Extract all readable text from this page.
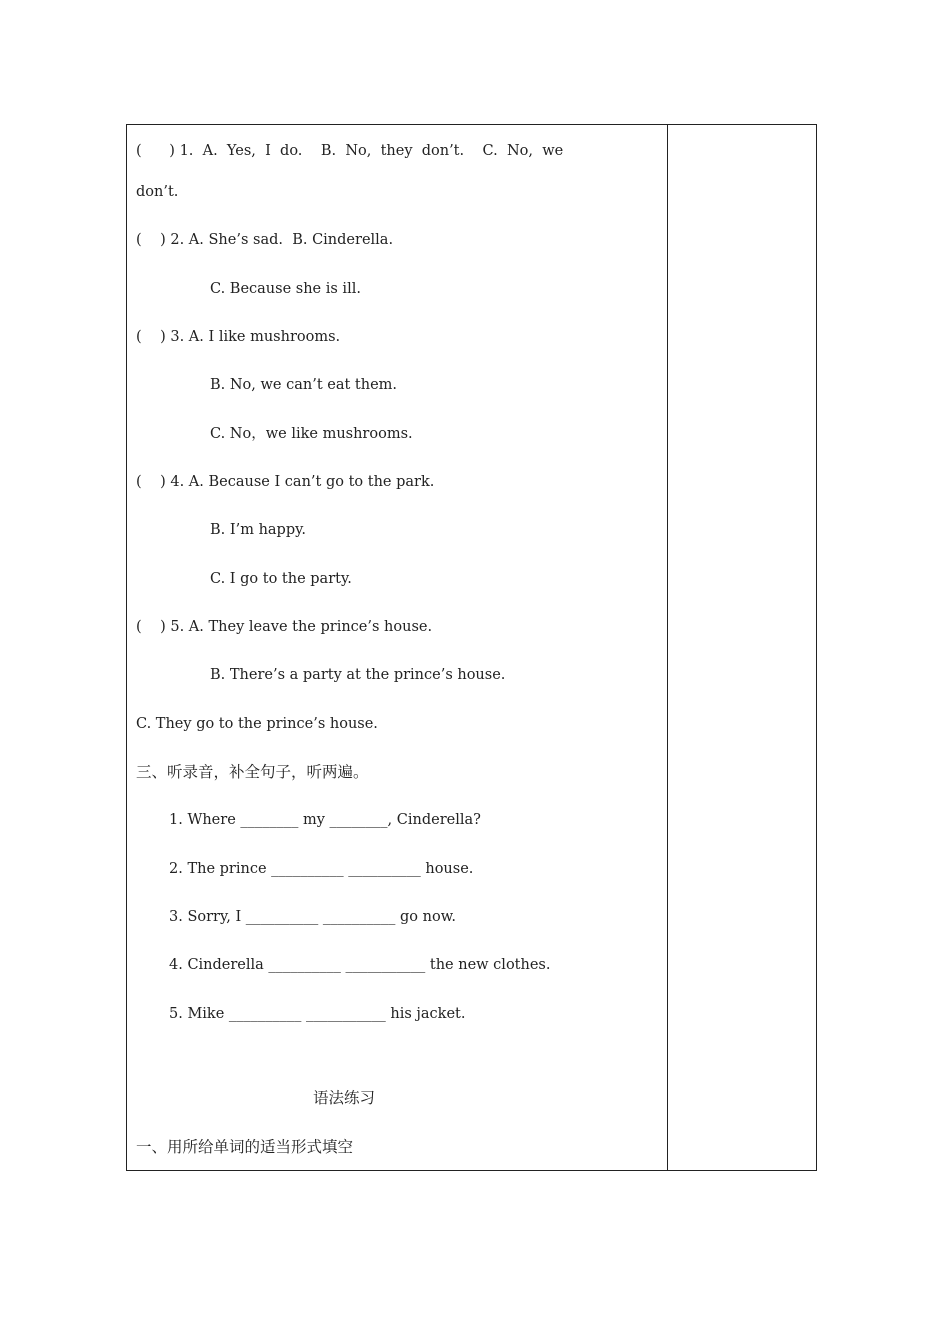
(      ) 1.  A.  Yes,  I  do.    B.  No,  they  don’t.    C.  No,  we
don’t.
(    ) 2. A. She’s sad.  B. Cinderella.
C. Because she is ill.
(    ) 3. A. I like mushrooms.
B. No, we can’t eat them.
C. No，we like mushrooms.
(    ) 4. A. Because I can’t go to the park.
B. I’m happy.
C. I go to the party.
(    ) 5. A. They leave the prince’s house.
B. There’s a party at the prince’s house.
C. They go to the prince’s house.
三、听录音，补全句子，听两遍。
1. Where ________ my ________, Cinderella?
2. The prince __________ __________ house.
3. Sorry, I __________ __________ go now.
4. Cinderella __________ ___________ the new clothes.
5. Mike __________ ___________ his jacket.
语法练习
一、用所给单词的适当形式填空
